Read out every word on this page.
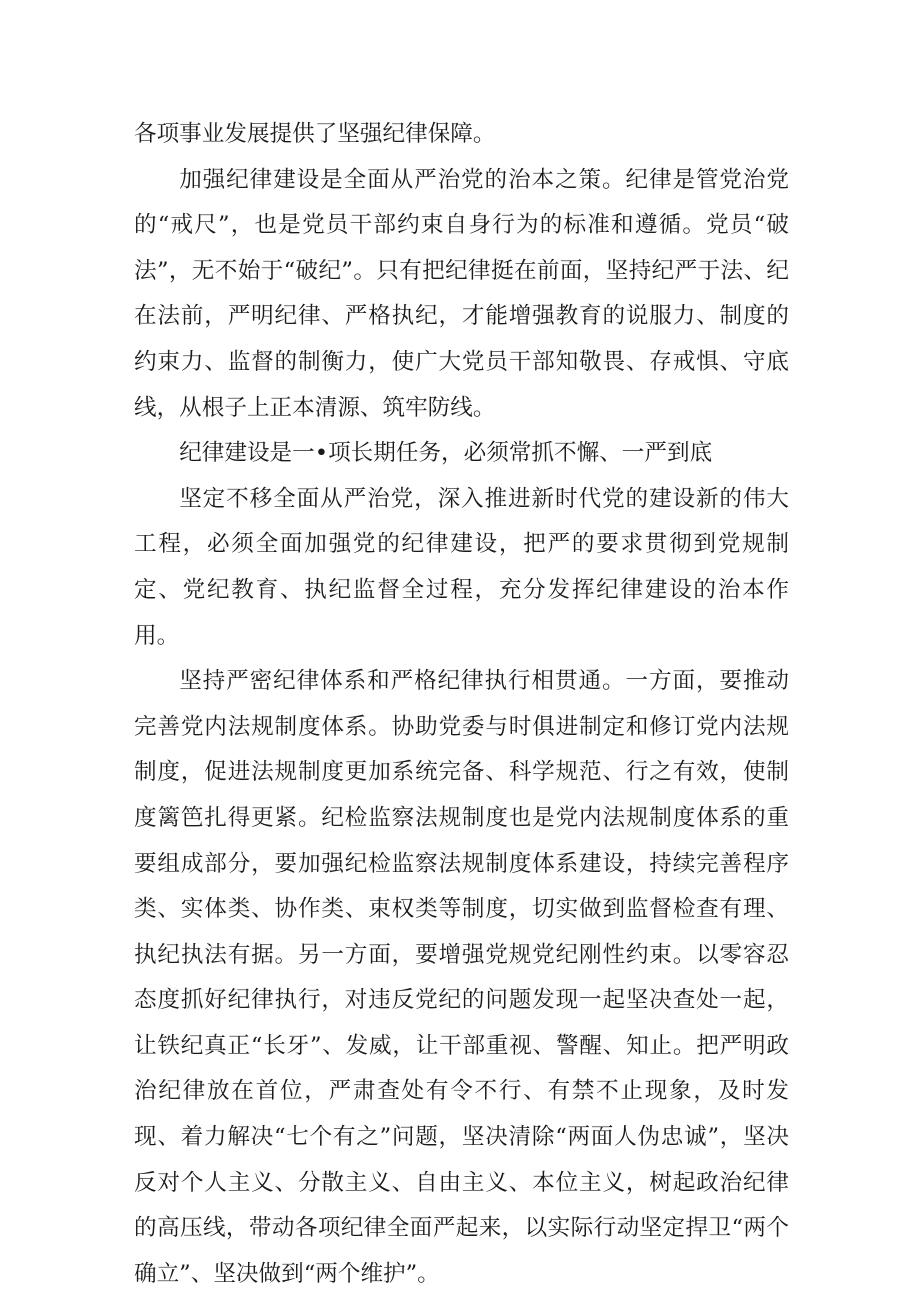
各项事业发展提供了坚强纪律保障。

加强纪律建设是全面从严治党的治本之策。纪律是管党治党的“戒尺”，也是党员干部约束自身行为的标准和遵循。党员“破法”，无不始于“破纪”。只有把纪律挺在前面，坚持纪严于法、纪在法前，严明纪律、严格执纪，才能增强教育的说服力、制度的约束力、监督的制衡力，使广大党员干部知敬畏、存戒惧、守底线，从根子上正本清源、筑牢防线。

纪律建设是一•项长期任务，必须常抓不懈、一严到底

坚定不移全面从严治党，深入推进新时代党的建设新的伟大工程，必须全面加强党的纪律建设，把严的要求贯彻到党规制定、党纪教育、执纪监督全过程，充分发挥纪律建设的治本作用。

坚持严密纪律体系和严格纪律执行相贯通。一方面，要推动完善党内法规制度体系。协助党委与时俱进制定和修订党内法规制度，促进法规制度更加系统完备、科学规范、行之有效，使制度篱笆扎得更紧。纪检监察法规制度也是党内法规制度体系的重要组成部分，要加强纪检监察法规制度体系建设，持续完善程序类、实体类、协作类、束权类等制度，切实做到监督检查有理、执纪执法有据。另一方面，要增强党规党纪刚性约束。以零容忍态度抓好纪律执行，对违反党纪的问题发现一起坚决查处一起，让铁纪真正“长牙”、发威，让干部重视、警醒、知止。把严明政治纪律放在首位，严肃查处有令不行、有禁不止现象，及时发现、着力解决“七个有之”问题，坚决清除“两面人伪忠诚”，坚决反对个人主义、分散主义、自由主义、本位主义，树起政治纪律的高压线，带动各项纪律全面严起来，以实际行动坚定捍卫“两个确立”、坚决做到“两个维护”。
